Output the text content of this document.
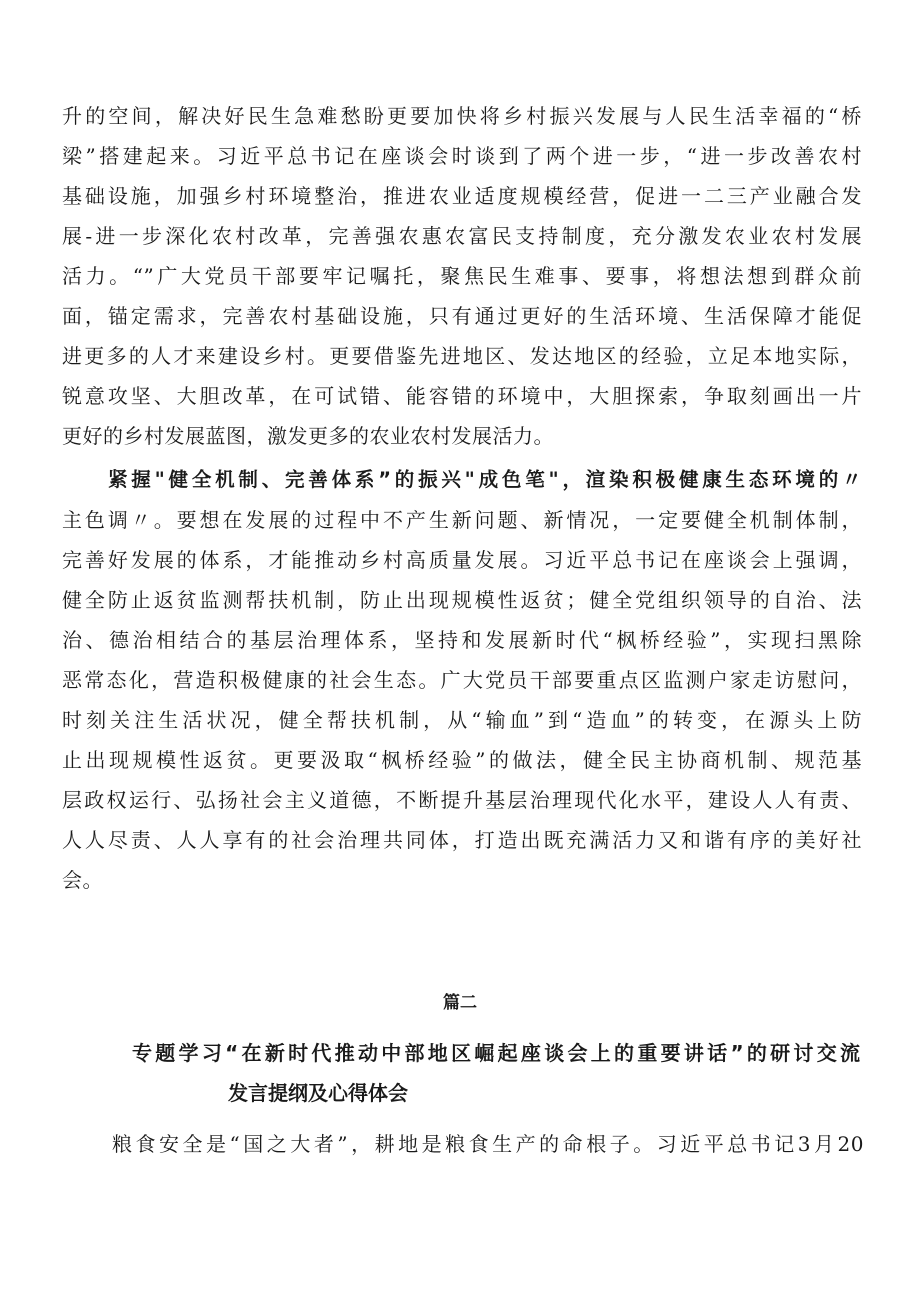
升的空间，解决好民生急难愁盼更要加快将乡村振兴发展与人民生活幸福的“桥
梁”搭建起来。习近平总书记在座谈会时谈到了两个进一步，“进一步改善农村
基础设施，加强乡村环境整治，推进农业适度规模经营，促进一二三产业融合发
展-进一步深化农村改革，完善强农惠农富民支持制度，充分激发农业农村发展
活力。“”广大党员干部要牢记嘱托，聚焦民生难事、要事，将想法想到群众前
面，锚定需求，完善农村基础设施，只有通过更好的生活环境、生活保障才能促
进更多的人才来建设乡村。更要借鉴先进地区、发达地区的经验，立足本地实际，
锐意攻坚、大胆改革，在可试错、能容错的环境中，大胆探索，争取刻画出一片
更好的乡村发展蓝图，激发更多的农业农村发展活力。
紧握"健全机制、完善体系”的振兴"成色笔"，渲染积极健康生态环境的〃
主色调〃。要想在发展的过程中不产生新问题、新情况，一定要健全机制体制，
完善好发展的体系，才能推动乡村高质量发展。习近平总书记在座谈会上强调，
健全防止返贫监测帮扶机制，防止出现规模性返贫；健全党组织领导的自治、法
治、德治相结合的基层治理体系，坚持和发展新时代“枫桥经验”，实现扫黑除
恶常态化，营造积极健康的社会生态。广大党员干部要重点区监测户家走访慰问，
时刻关注生活状况，健全帮扶机制，从“输血”到“造血”的转变，在源头上防
止出现规模性返贫。更要汲取“枫桥经验”的做法，健全民主协商机制、规范基
层政权运行、弘扬社会主义道德，不断提升基层治理现代化水平，建设人人有责、
人人尽责、人人享有的社会治理共同体，打造出既充满活力又和谐有序的美好社
会。
篇二
专题学习“在新时代推动中部地区崛起座谈会上的重要讲话”的研讨交流
发言提纲及心得体会
粮食安全是“国之大者”，耕地是粮食生产的命根子。习近平总书记3月20
